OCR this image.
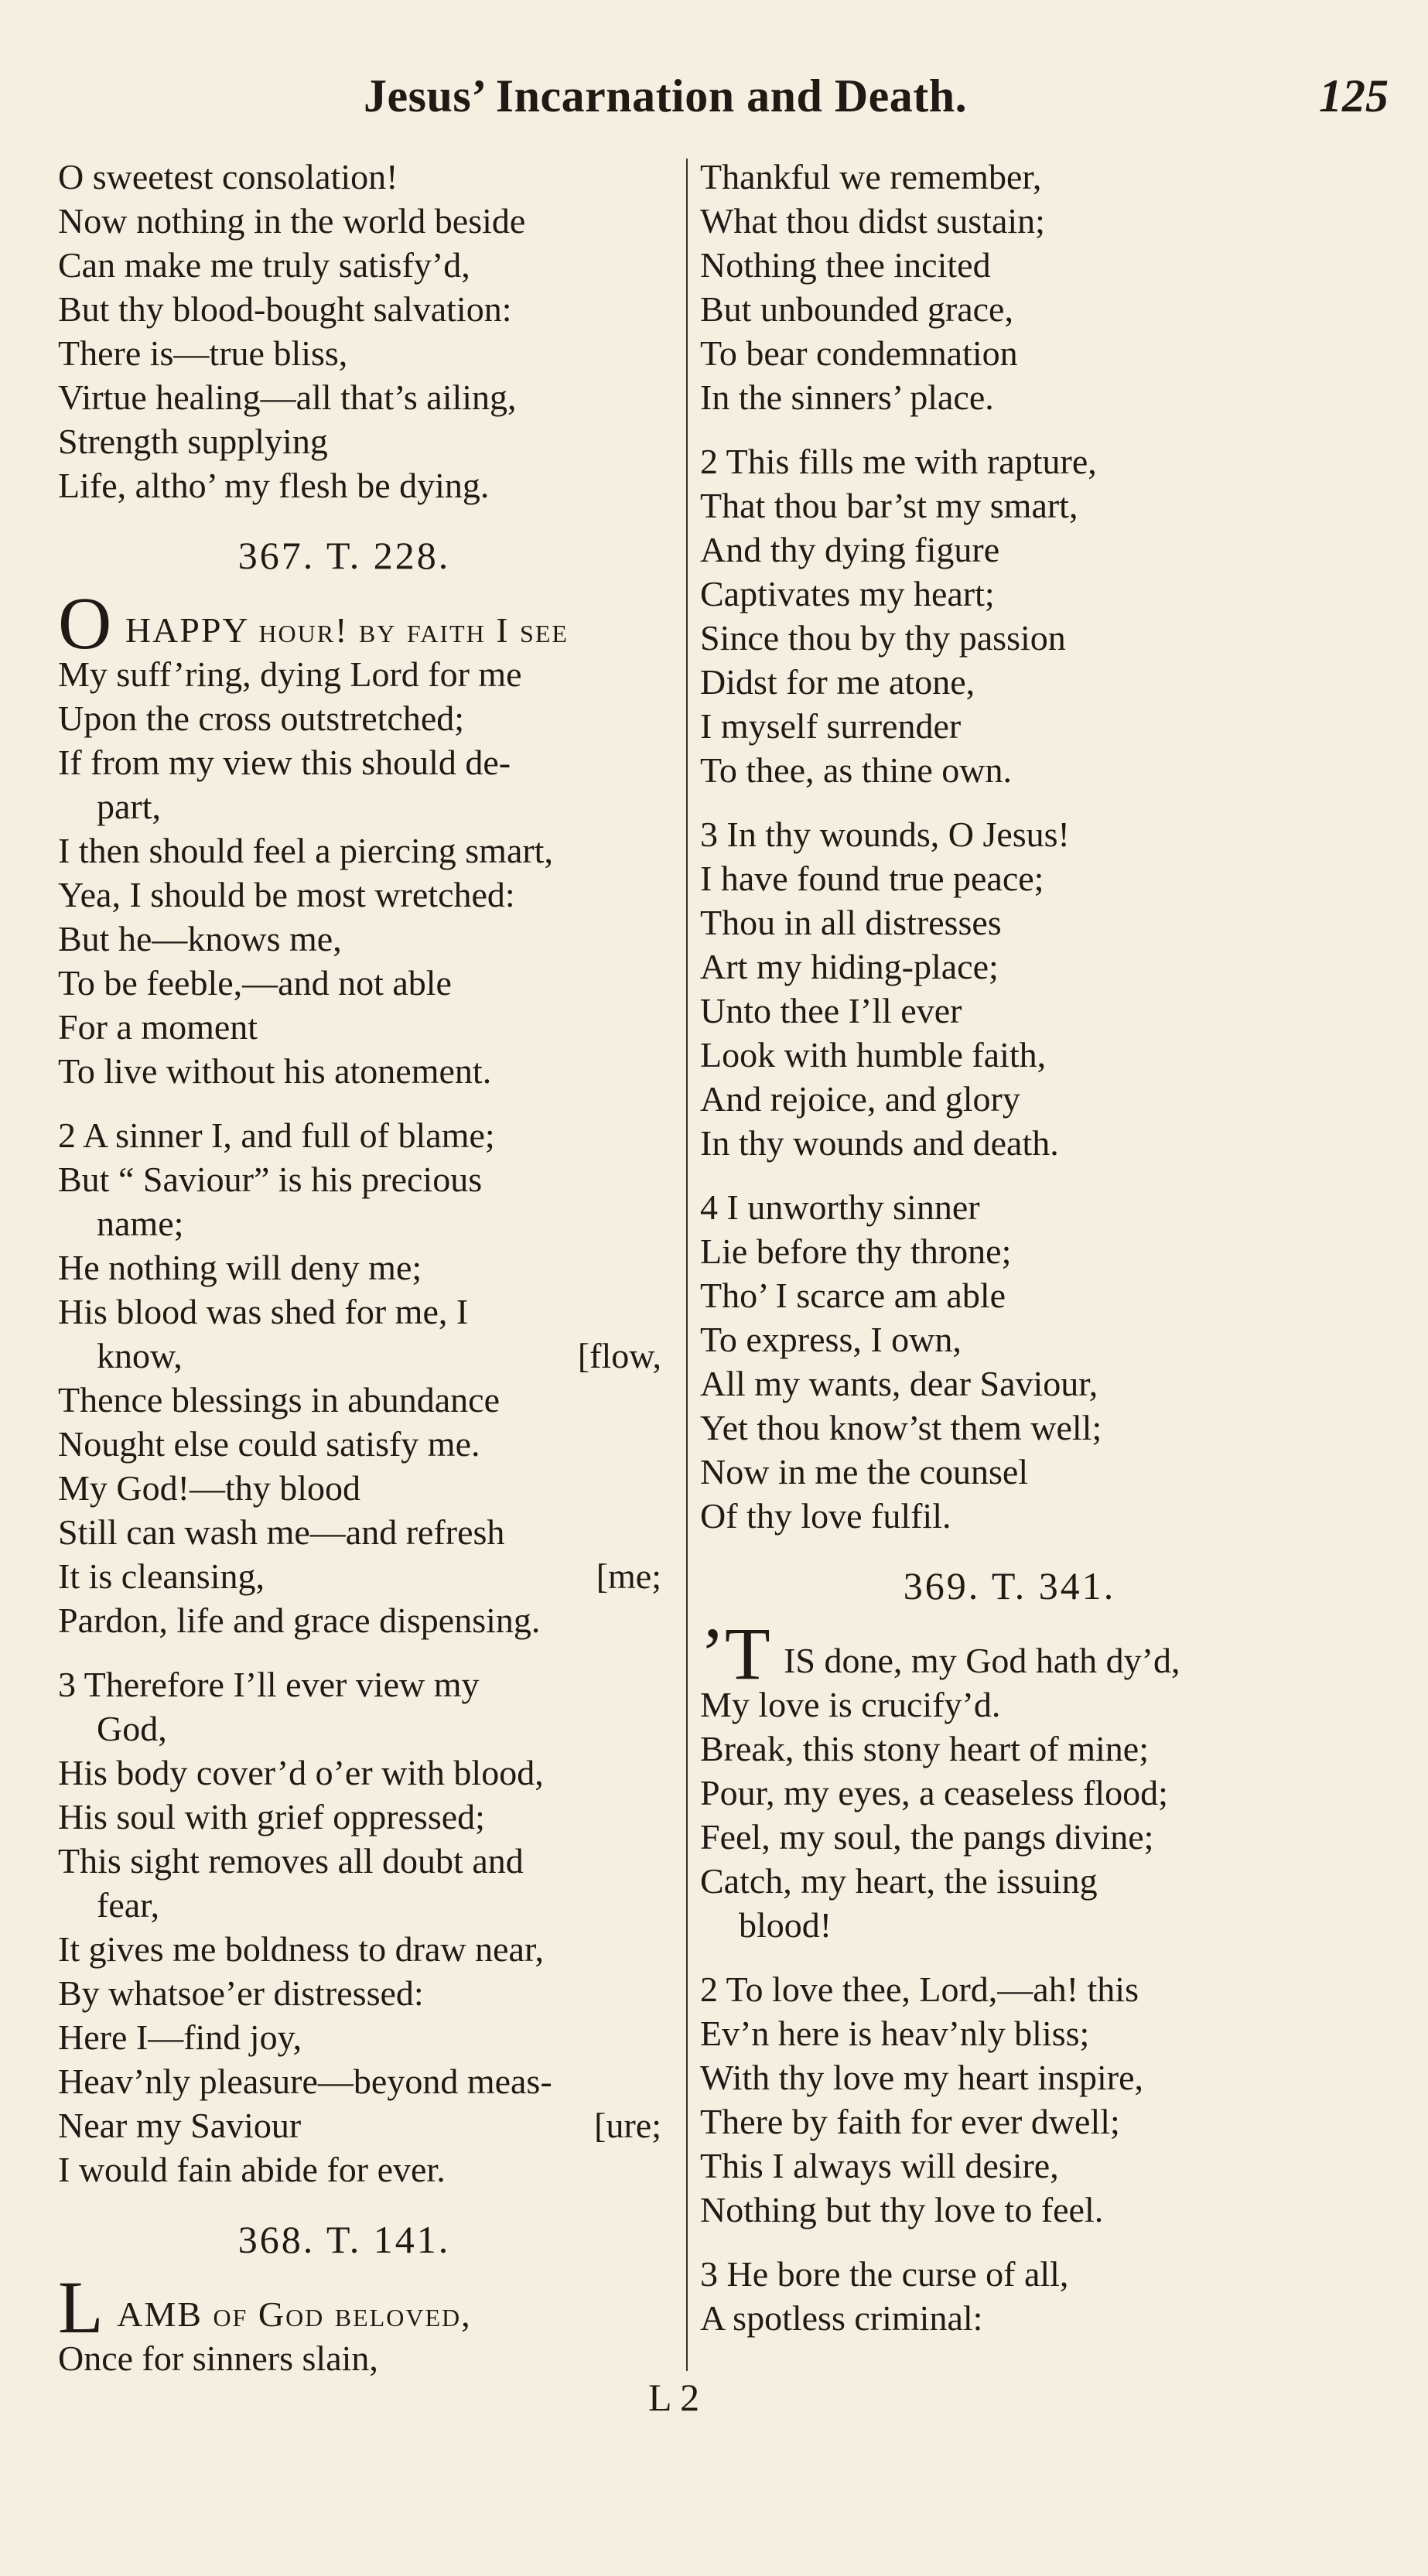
Jesus’ Incarnation and Death.	125
O sweetest consolation!
Now nothing in the world beside
Can make me truly satisfy’d,
But thy blood-bought salvation:
There is—true bliss,
Virtue healing—all that’s ailing,
Strength supplying
Life, altho’ my flesh be dying.
367. T. 228.
O HAPPY hour! by faith I see
My suff’ring, dying Lord for me
Upon the cross outstretched;
If from my view this should de-
part,
I then should feel a piercing smart,
Yea, I should be most wretched:
But he—knows me,
To be feeble,—and not able
For a moment
To live without his atonement.
2 A sinner I, and full of blame;
But “ Saviour” is his precious
name;
He nothing will deny me;
His blood was shed for me, I
know,	[flow,
Thence blessings in abundance
Nought else could satisfy me.
My God!—thy blood
Still can wash me—and refresh
It is cleansing,	[me;
Pardon, life and grace dispensing.
3 Therefore I’ll ever view my
God,
His body cover’d o’er with blood,
His soul with grief oppressed;
This sight removes all doubt and
fear,
It gives me boldness to draw near,
By whatsoe’er distressed:
Here I—find joy,
Heav’nly pleasure—beyond meas-
Near my Saviour	[ure;
I would fain abide for ever.
368. T. 141.
L AMB of God beloved,
Once for sinners slain,
Thankful we remember,
What thou didst sustain;
Nothing thee incited
But unbounded grace,
To bear condemnation
In the sinners’ place.
2 This fills me with rapture,
That thou bar’st my smart,
And thy dying figure
Captivates my heart;
Since thou by thy passion
Didst for me atone,
I myself surrender
To thee, as thine own.
3 In thy wounds, O Jesus!
I have found true peace;
Thou in all distresses
Art my hiding-place;
Unto thee I’ll ever
Look with humble faith,
And rejoice, and glory
In thy wounds and death.
4 I unworthy sinner
Lie before thy throne;
Tho’ I scarce am able
To express, I own,
All my wants, dear Saviour,
Yet thou know’st them well;
Now in me the counsel
Of thy love fulfil.
369. T. 341.
’T IS done, my God hath dy’d,
My love is crucify’d.
Break, this stony heart of mine;
Pour, my eyes, a ceaseless flood;
Feel, my soul, the pangs divine;
Catch, my heart, the issuing
blood!
2 To love thee, Lord,—ah! this
Ev’n here is heav’nly bliss;
With thy love my heart inspire,
There by faith for ever dwell;
This I always will desire,
Nothing but thy love to feel.
3 He bore the curse of all,
A spotless criminal:
L 2
